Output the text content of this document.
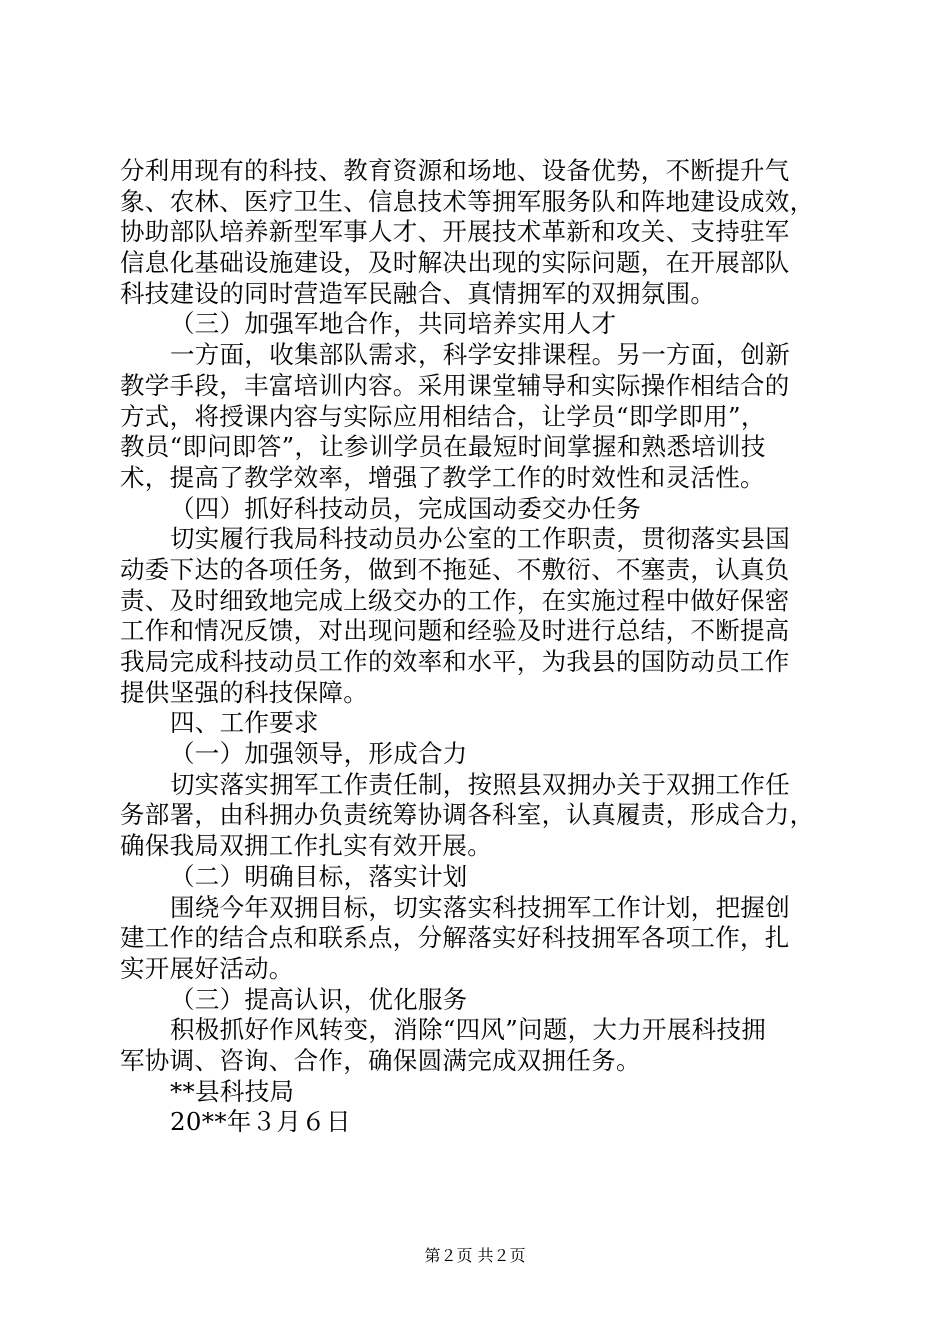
分利用现有的科技、教育资源和场地、设备优势，不断提升气
象、农林、医疗卫生、信息技术等拥军服务队和阵地建设成效，
协助部队培养新型军事人才、开展技术革新和攻关、支持驻军
信息化基础设施建设，及时解决出现的实际问题，在开展部队
科技建设的同时营造军民融合、真情拥军的双拥氛围。
（三）加强军地合作，共同培养实用人才
一方面，收集部队需求，科学安排课程。另一方面，创新
教学手段，丰富培训内容。采用课堂辅导和实际操作相结合的
方式，将授课内容与实际应用相结合，让学员“即学即用”，
教员“即问即答”，让参训学员在最短时间掌握和熟悉培训技
术，提高了教学效率，增强了教学工作的时效性和灵活性。
（四）抓好科技动员，完成国动委交办任务
切实履行我局科技动员办公室的工作职责，贯彻落实县国
动委下达的各项任务，做到不拖延、不敷衍、不塞责，认真负
责、及时细致地完成上级交办的工作，在实施过程中做好保密
工作和情况反馈，对出现问题和经验及时进行总结，不断提高
我局完成科技动员工作的效率和水平，为我县的国防动员工作
提供坚强的科技保障。
四、工作要求
（一）加强领导，形成合力
切实落实拥军工作责任制，按照县双拥办关于双拥工作任
务部署，由科拥办负责统筹协调各科室，认真履责，形成合力，
确保我局双拥工作扎实有效开展。
（二）明确目标，落实计划
围绕今年双拥目标，切实落实科技拥军工作计划，把握创
建工作的结合点和联系点，分解落实好科技拥军各项工作，扎
实开展好活动。
（三）提高认识，优化服务
积极抓好作风转变，消除“四风”问题，大力开展科技拥
军协调、咨询、合作，确保圆满完成双拥任务。
**县科技局
20**年３月６日
第２页 共２页
